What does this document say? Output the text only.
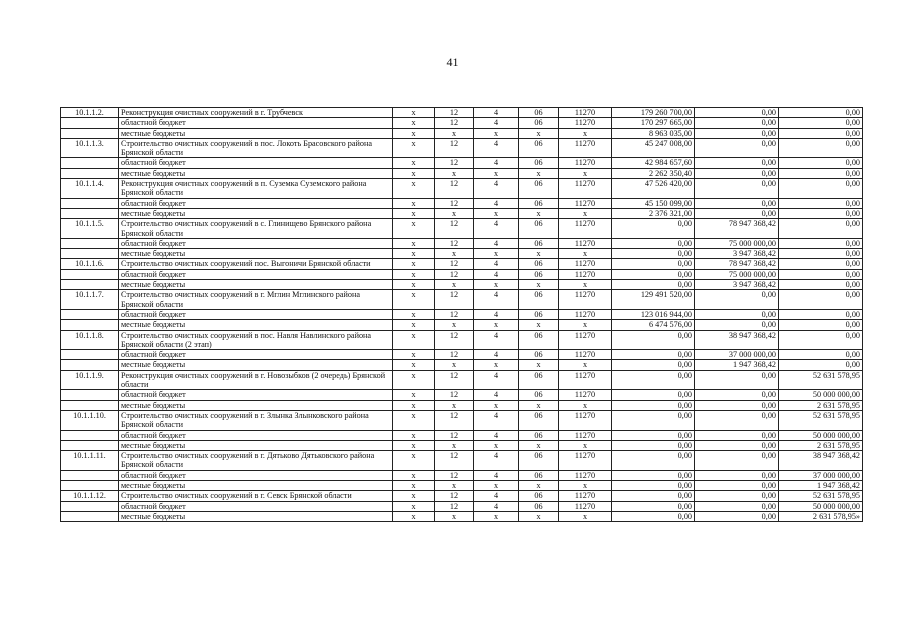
41
10.1.1.2.	Реконструкция очистных сооружений в г. Трубчевск	х	12	4	06	11270	179 260 700,00	0,00	0,00
	областной бюджет	х	12	4	06	11270	170 297 665,00	0,00	0,00
	местные бюджеты	х	х	х	х	х	8 963 035,00	0,00	0,00
10.1.1.3.	Строительство очистных сооружений в пос. Локоть Брасовского района Брянской области	х	12	4	06	11270	45 247 008,00	0,00	0,00
	областной бюджет	х	12	4	06	11270	42 984 657,60	0,00	0,00
	местные бюджеты	х	х	х	х	х	2 262 350,40	0,00	0,00
10.1.1.4.	Реконструкция очистных сооружений в п. Суземка Суземского района Брянской области	х	12	4	06	11270	47 526 420,00	0,00	0,00
	областной бюджет	х	12	4	06	11270	45 150 099,00	0,00	0,00
	местные бюджеты	х	х	х	х	х	2 376 321,00	0,00	0,00
10.1.1.5.	Строительство очистных сооружений в с. Глинищево Брянского района Брянской области	х	12	4	06	11270	0,00	78 947 368,42	0,00
	областной бюджет	х	12	4	06	11270	0,00	75 000 000,00	0,00
	местные бюджеты	х	х	х	х	х	0,00	3 947 368,42	0,00
10.1.1.6.	Строительство очистных сооружений пос. Выгоничи Брянской области	х	12	4	06	11270	0,00	78 947 368,42	0,00
	областной бюджет	х	12	4	06	11270	0,00	75 000 000,00	0,00
	местные бюджеты	х	х	х	х	х	0,00	3 947 368,42	0,00
10.1.1.7.	Строительство очистных сооружений в г. Мглин Мглинского района Брянской области	х	12	4	06	11270	129 491 520,00	0,00	0,00
	областной бюджет	х	12	4	06	11270	123 016 944,00	0,00	0,00
	местные бюджеты	х	х	х	х	х	6 474 576,00	0,00	0,00
10.1.1.8.	Строительство очистных сооружений в пос. Навля Навлинского района Брянской области (2 этап)	х	12	4	06	11270	0,00	38 947 368,42	0,00
	областной бюджет	х	12	4	06	11270	0,00	37 000 000,00	0,00
	местные бюджеты	х	х	х	х	х	0,00	1 947 368,42	0,00
10.1.1.9.	Реконструкция очистных сооружений в г. Новозыбков (2 очередь) Брянской области	х	12	4	06	11270	0,00	0,00	52 631 578,95
	областной бюджет	х	12	4	06	11270	0,00	0,00	50 000 000,00
	местные бюджеты	х	х	х	х	х	0,00	0,00	2 631 578,95
10.1.1.10.	Строительство очистных сооружений в г. Злынка Злынковского района Брянской области	х	12	4	06	11270	0,00	0,00	52 631 578,95
	областной бюджет	х	12	4	06	11270	0,00	0,00	50 000 000,00
	местные бюджеты	х	х	х	х	х	0,00	0,00	2 631 578,95
10.1.1.11.	Строительство очистных сооружений в г. Дятьково Дятьковского района Брянской области	х	12	4	06	11270	0,00	0,00	38 947 368,42
	областной бюджет	х	12	4	06	11270	0,00	0,00	37 000 000,00
	местные бюджеты	х	х	х	х	х	0,00	0,00	1 947 368,42
10.1.1.12.	Строительство очистных сооружений в г. Севск Брянской области	х	12	4	06	11270	0,00	0,00	52 631 578,95
	областной бюджет	х	12	4	06	11270	0,00	0,00	50 000 000,00
	местные бюджеты	х	х	х	х	х	0,00	0,00	2 631 578,95»
